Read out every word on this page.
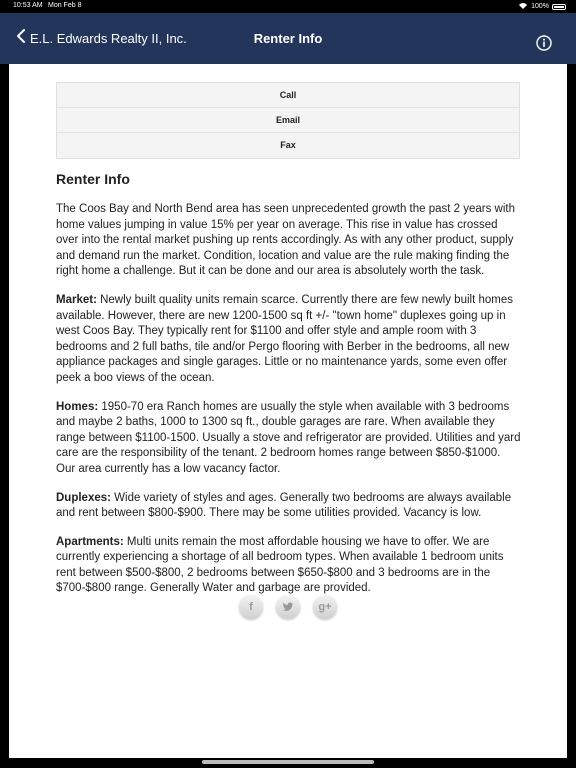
10:53 AM Mon Feb 8	100%
E.L. Edwards Realty II, Inc.	Renter Info
Call
Email
Fax
Renter Info

The Coos Bay and North Bend area has seen unprecedented growth the past 2 years with home values jumping in value 15% per year on average. This rise in value has crossed over into the rental market pushing up rents accordingly. As with any other product, supply and demand run the market. Condition, location and value are the rule making finding the right home a challenge. But it can be done and our area is absolutely worth the task.

Market: Newly built quality units remain scarce. Currently there are few newly built homes available. However, there are new 1200-1500 sq ft +/- "town home" duplexes going up in west Coos Bay. They typically rent for $1100 and offer style and ample room with 3 bedrooms and 2 full baths, tile and/or Pergo flooring with Berber in the bedrooms, all new appliance packages and single garages. Little or no maintenance yards, some even offer peek a boo views of the ocean.

Homes: 1950-70 era Ranch homes are usually the style when available with 3 bedrooms and maybe 2 baths, 1000 to 1300 sq ft., double garages are rare. When available they range between $1100-1500. Usually a stove and refrigerator are provided. Utilities and yard care are the responsibility of the tenant. 2 bedroom homes range between $850-$1000. Our area currently has a low vacancy factor.

Duplexes: Wide variety of styles and ages. Generally two bedrooms are always available and rent between $800-$900. There may be some utilities provided. Vacancy is low.

Apartments: Multi units remain the most affordable housing we have to offer. We are currently experiencing a shortage of all bedroom types. When available 1 bedroom units rent between $500-$800, 2 bedrooms between $650-$800 and 3 bedrooms are in the $700-$800 range. Generally Water and garbage are provided.

f	g+
